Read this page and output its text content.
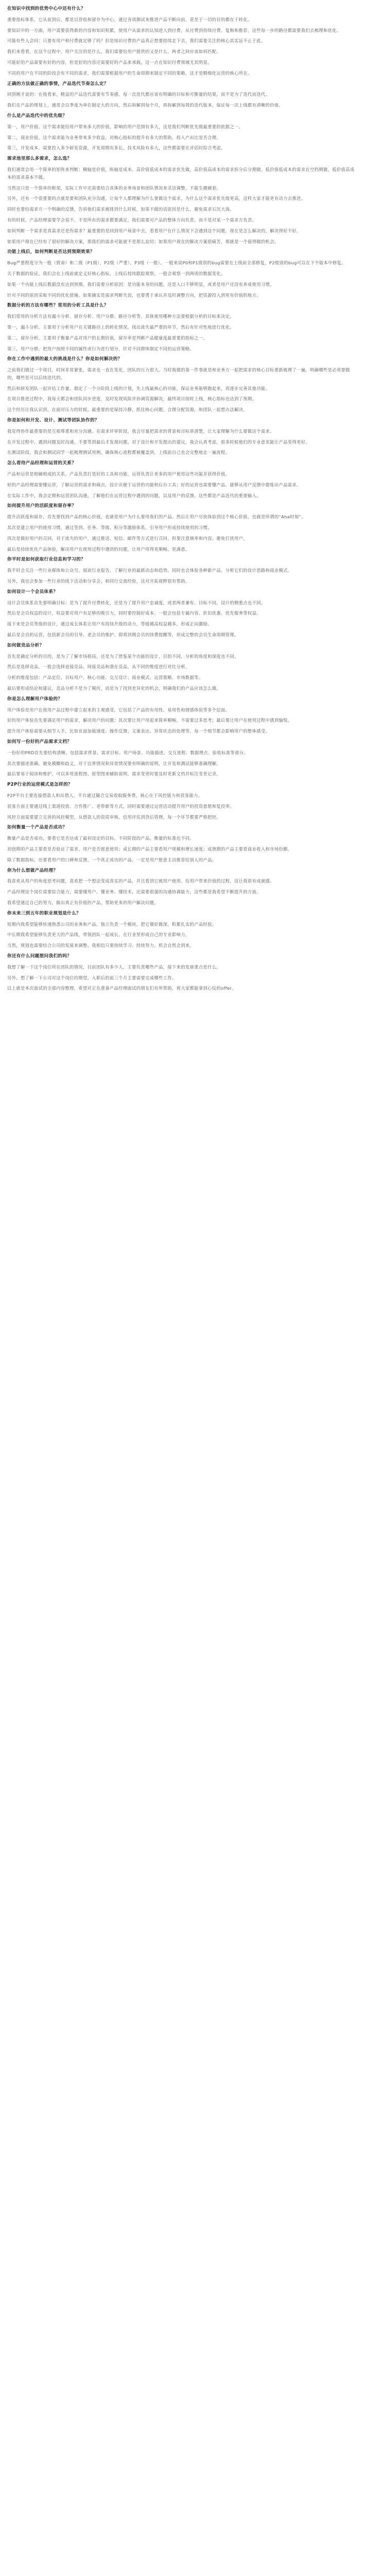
在知识中找到的优势中心中还有什么？

重要指标体系，它从前到后，都是以营收和留存为中心，通过各项测试来推进产品不断向前，甚至于一切的目的都在于转化。

要知识中的一方面，用户需要获得新的内容和知识积累，使用户从需求的认知进入到付费，从付费到持续付费、复购和推荐，这些每一步的路径都需要我们去梳理和优化。

可能有些人会问：只要有用户和付费就足够了吗？但是知识付费的产品真正想要持续走下去，我们需要关注的核心其实远不止于此。

我们来看看，在这个过程中，用户关注的是什么，我们需要给用户提供的又是什么，两者之间应该如何匹配。

可能好的产品需要有好的内容，但是好的内容还需要好的产品来承载，这一点在知识付费领域尤其明显。

不同的用户在不同的阶段会有不同的需求，我们需要根据用户的生命周期来制定不同的策略，这才是精细化运营的核心所在。

正确的方法做正确的事情，产品迭代节奏怎么定？

回到刚才说的：在我看来，精益的产品迭代需要有节奏感，每一次迭代都应该有明确的目标和可衡量的结果，而不是为了迭代而迭代。

我们在产品的规划上，通常会以季度为单位制定大的方向，然后拆解到每个月，再拆解到每周的迭代版本，保证每一次上线都有清晰的价值。

什么是产品迭代中的优先级？

第一，用户价值。这个需求能给用户带来多大的价值，影响的用户范围有多大，这是我们判断优先级最重要的依据之一。

第二，商业价值。这个需求能为业务带来多少收益，对核心指标的提升有多大的帮助，投入产出比是否合理。

第三，开发成本。需要投入多少研发资源，开发周期有多长，技术风险有多大，这些都需要在评估时综合考虑。

需求池里那么多需求，怎么选？

我们通常会用一个简单的矩阵来判断：横轴是价值，纵轴是成本。高价值低成本的需求优先做，高价值高成本的需求拆分后分期做，低价值低成本的需求在空档期做，低价值高成本的需求基本不做。

当然这只是一个简单的框架，实际工作中还需要结合具体的业务场景和团队情况来灵活调整，不能生搬硬套。

另外，还有一个很重要的点就是要和团队充分沟通，让每个人都理解为什么要做这个需求，为什么这个需求优先级更高，这样大家才能更有动力去推进。

同时也要给需求方一个明确的反馈，告诉他们需求被排到什么时候，如果不做的话原因是什么，避免需求石沉大海。

有的时候，产品经理需要学会说不。不是所有的需求都要满足，我们需要对产品的整体方向负责，而不是对某一个需求方负责。

如何判断一个需求是真需求还是伪需求？最重要的是回到用户场景中去，看看用户在什么情况下会遇到这个问题，现在是怎么解决的，解决得好不好。

如果用户现在已经有了很好的解决方案，那我们的需求可能就不是那么迫切；如果用户现在的解决方案很痛苦，那就是一个值得做的机会。

功能上线后，如何判断是否达到预期效果？

Bug严重程度分为一般（致命）和二级（P1级），P2级（严重），P3级（一般）。一般来说P0和P1级别的bug需要在上线前全部修复，P2级别的bug可以在下个版本中修复。

关于数据的验证，我们会在上线前就定义好核心指标，上线后持续跟踪观察，一般会观察一到两周的数据变化。

如果一个功能上线后数据没有达到预期，我们需要分析原因：是功能本身的问题，还是入口不够明显，或者是用户还没有养成使用习惯。

针对不同的原因采取不同的优化措施，如果确实是需求判断失误，也要勇于承认并及时调整方向，把资源投入到更有价值的地方。

数据分析的方法有哪些？常用的分析工具是什么？

我们常用的分析方法有漏斗分析、留存分析、用户分群、路径分析等，具体使用哪种方法要根据分析的目标来决定。

第一，漏斗分析。主要用于分析用户在关键路径上的转化情况，找出流失最严重的环节，然后有针对性地进行优化。

第二，留存分析。主要用于衡量产品对用户的长期价值，留存率是判断产品健康度最重要的指标之一。

第三，用户分群。把用户按照不同的属性或行为进行划分，针对不同群体制定不同的运营策略。

你在工作中遇到的最大的挑战是什么？你是如何解决的？

之前我们做过一个项目，时间非常紧张，需求也一直在变化，团队的压力很大。当时我做的第一件事就是和业务方一起把需求的核心目标重新梳理了一遍，明确哪些是必须要做的，哪些是可以后续迭代的。

然后和研发团队一起评估工作量，制定了一个分阶段上线的计划，先上线最核心的功能，保证业务能够跑起来，再逐步完善其他功能。

在项目推进过程中，我每天都会和团队同步进度，及时发现风险并协调资源解决，最终项目按时上线，核心指标也达到了预期。

这个经历让我认识到，在面对压力的时候，最重要的是保持冷静，抓住核心问题，合理分配资源，和团队一起想办法解决。

你是如何和开发、设计、测试等团队协作的？

我觉得协作最重要的是互相尊重和充分沟通。在需求评审阶段，我会尽量把需求的背景和目标讲清楚，让大家理解为什么要做这个需求。

在开发过程中，遇到问题及时沟通，不要等到最后才发现问题。对于设计和开发提出的建议，我会认真考虑，很多时候他们的专业意见能让产品变得更好。

在测试阶段，我会和测试同学一起梳理测试用例，确保核心流程都被覆盖到，上线前自己也会完整地走一遍流程。

怎么看待产品经理和运营的关系？

产品和运营是相辅相成的关系。产品负责打造好的工具和功能，运营负责让更多的用户使用这些功能并获得价值。

好的产品经理需要懂运营，了解运营的需求和痛点，设计出便于运营的功能和后台工具；好的运营也需要懂产品，能够从用户反馈中提炼出产品需求。

在实际工作中，我会定期和运营团队沟通，了解他们在运营过程中遇到的问题，以及用户的反馈，这些都是产品迭代的重要输入。

如何提升用户的活跃度和留存率？

提升活跃度和留存，首先要找到产品的核心价值，也就是用户为什么要用我们的产品。然后让用户尽快体验到这个核心价值，也就是所谓的“Aha时刻”。

其次是建立用户的使用习惯，通过签到、任务、等级、积分等激励体系，引导用户形成持续使用的习惯。

再次是做好用户的召回，对于流失的用户，通过推送、短信、邮件等方式进行召回，但要注意频率和内容，避免打扰用户。

最后是持续优化产品体验，解决用户在使用过程中遇到的问题，让用户用得更顺畅、更满意。

你平时是如何获取行业信息和学习的？

我平时会关注一些行业媒体和公众号，阅读行业报告，了解行业的最新动态和趋势。同时也会体验各种新产品，分析它们的设计思路和商业模式。

另外，我也会参加一些行业的线下活动和分享会，和同行交流经验，这对开拓视野很有帮助。

如何设计一个会员体系？

设计会员体系首先要明确目标：是为了提升付费转化，还是为了提升用户忠诚度，或者两者兼有。目标不同，设计的侧重点也不同。

然后是会员权益的设计，权益要对用户有足够的吸引力，同时要控制好成本。一般会包括专属内容、折扣优惠、优先服务等权益。

接下来是会员等级的设计，通过成长体系让用户有持续升级的动力，等级越高权益越多，形成正向激励。

最后是会员的运营，包括新会员的引导、老会员的维护、即将到期会员的续费提醒等，形成完整的会员生命周期管理。

如何做竞品分析？

首先是确定分析的目的，是为了了解市场格局，还是为了借鉴某个功能的设计，目的不同，分析的角度和深度也不同。

然后是选择竞品，一般会选择直接竞品、间接竞品和潜在竞品，从不同的维度进行对比分析。

分析的维度包括：产品定位、目标用户、核心功能、交互设计、商业模式、运营策略、市场数据等。

最后要形成结论和建议，竞品分析不是为了模仿，而是为了找到差异化的机会，明确我们的产品应该怎么做。

你是怎么理解用户体验的？

用户体验是用户在使用产品过程中建立起来的主观感受，它包括了产品的有用性、易用性和情感体验等多个层面。

好的用户体验首先要满足用户的需求，解决用户的问题；其次要让用户用起来简单顺畅，不需要过多思考；最后要让用户在使用过程中感到愉悦。

提升用户体验需要从细节入手，比如页面加载速度、操作反馈、文案表达、异常状态的处理等，每一个细节都会影响用户的整体感受。

如何写一份好的产品需求文档？

一份好的PRD首先要结构清晰，包括需求背景、需求目标、用户场景、功能描述、交互流程、数据埋点、验收标准等部分。

其次要描述准确，避免模糊和歧义，对于边界情况和异常情况要有明确的说明，让开发和测试能够准确理解。

最后要易于阅读和维护，可以多用流程图、原型图来辅助说明，需求变更时要及时更新文档并标注变更记录。

P2P行业的运营模式是怎样的？

P2P平台主要连接借款人和出借人，平台通过撮合交易收取服务费，核心在于风控能力和获客能力。

获客方面主要通过线上渠道投放、合作推广、老带新等方式，同时需要通过运营活动提升用户的投资意愿和复投率。

风控方面需要建立完善的风控模型，从借款人的资质审核、信用评估到贷后管理，每一个环节都要严格把控。

如何衡量一个产品是否成功？

衡量产品是否成功，要看它是否达成了最初设定的目标。不同阶段的产品，衡量的标准也不同。

初创期的产品主要看是否验证了需求，用户是否愿意使用；成长期的产品主要看用户规模和增长速度；成熟期的产品主要看商业收入和市场份额。

除了数据指标，还要看用户的口碑和反馈，一个真正成功的产品，一定是用户愿意主动推荐给别人的产品。

你为什么想做产品经理？

我喜欢从用户的角度思考问题，喜欢把一个想法变成真实的产品，并且看到它被用户使用、给用户带来价值的过程，这让我很有成就感。

产品经理这个岗位需要综合能力，需要懂用户、懂业务、懂技术，还需要很强的沟通协调能力，这些都是我希望不断提升的方面。

我希望通过自己的努力，做出真正有价值的产品，帮助更多的用户解决问题。

你未来三到五年的职业规划是什么？

短期内我希望能够快速熟悉公司的业务和产品，独立负责一个模块，把它做好做深，积累扎实的产品经验。

中长期我希望能够负责更大的产品线，带领团队一起成长，在行业里形成自己的专业影响力。

当然，规划也需要结合公司的发展来调整，我相信只要持续学习、持续努力，机会自然会到来。

你还有什么问题想问我们的吗？

我想了解一下这个岗位所在团队的情况，目前团队有多少人，主要负责哪些产品，接下来的发展重点是什么。

另外，想了解一下公司对这个岗位的期望，入职后的前三个月主要需要完成哪些工作。

以上就是本次面试的全部内容整理，希望对正在准备产品经理面试的朋友们有所帮助，祝大家都能拿到心仪的offer。
